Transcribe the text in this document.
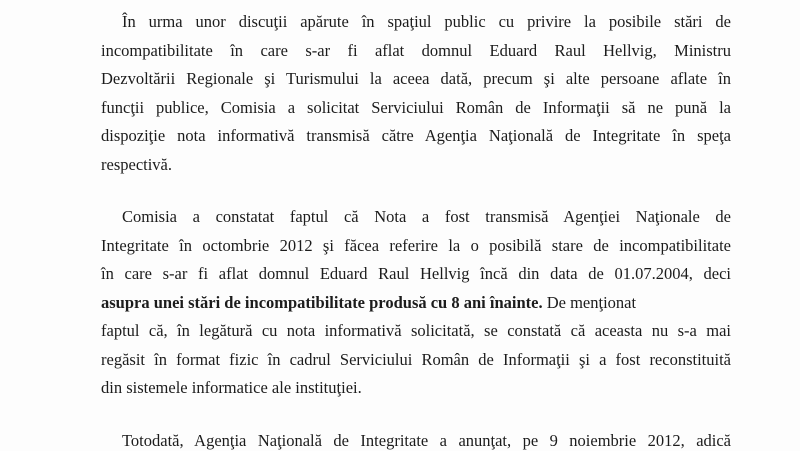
În urma unor discuţii apărute în spaţiul public cu privire la posibile stări de
incompatibilitate în care s-ar fi aflat domnul Eduard Raul Hellvig, Ministru
Dezvoltării Regionale şi Turismului la aceea dată, precum şi alte persoane aflate în
funcţii publice, Comisia a solicitat Serviciului Român de Informaţii să ne pună la
dispoziţie nota informativă transmisă către Agenţia Naţională de Integritate în speţa
respectivă.

Comisia a constatat faptul că Nota a fost transmisă Agenţiei Naţionale de
Integritate în octombrie 2012 şi făcea referire la o posibilă stare de incompatibilitate
în care s-ar fi aflat domnul Eduard Raul Hellvig încă din data de 01.07.2004, deci
asupra unei stări de incompatibilitate produsă cu 8 ani înainte. De menţionat
faptul că, în legătură cu nota informativă solicitată, se constată că aceasta nu s-a mai
regăsit în format fizic în cadrul Serviciului Român de Informaţii şi a fost reconstituită
din sistemele informatice ale instituţiei.

Totodată, Agenţia Naţională de Integritate a anunţat, pe 9 noiembrie 2012, adică
